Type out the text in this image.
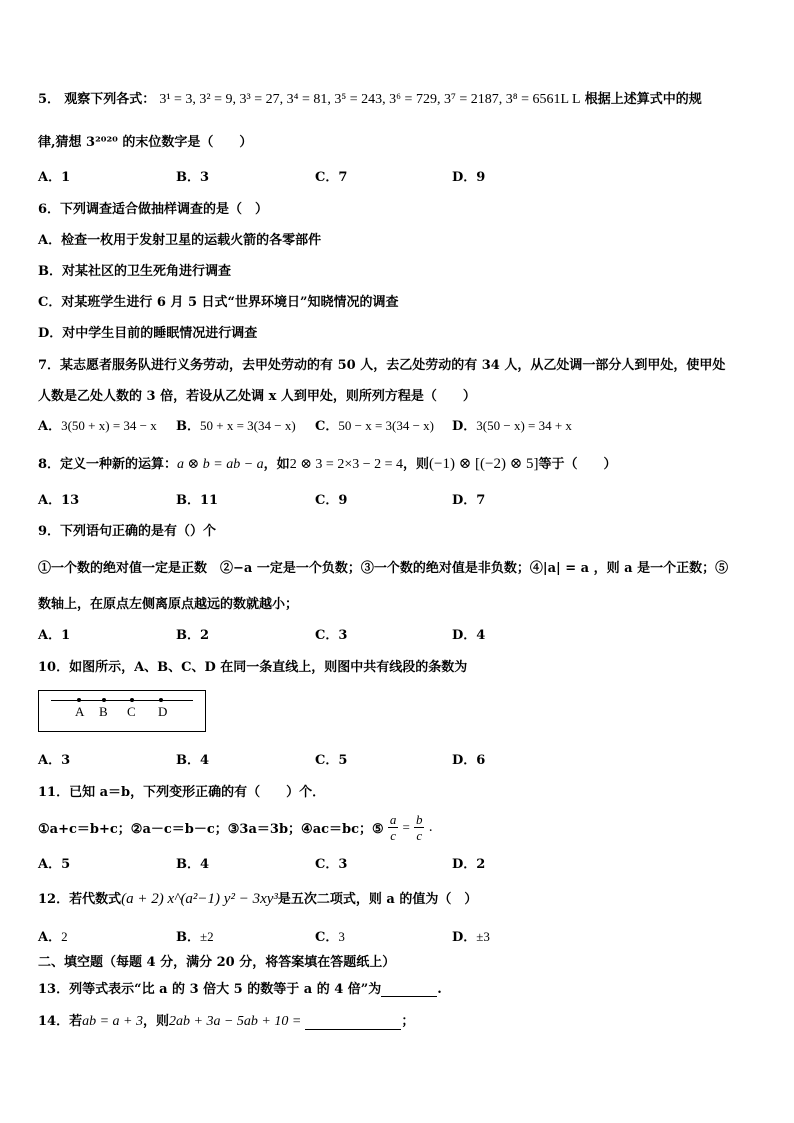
5． 观察下列各式： 3¹ = 3, 3² = 9, 3³ = 27, 3⁴ = 81, 3⁵ = 243, 3⁶ = 729, 3⁷ = 2187, 3⁸ = 6561L L 根据上述算式中的规
律,猜想 3²⁰²⁰ 的末位数字是（　　）
A．1	B．3	C．7	D．9
6．下列调查适合做抽样调查的是（　）
A．检查一枚用于发射卫星的运载火箭的各零部件
B．对某社区的卫生死角进行调查
C．对某班学生进行 6 月 5 日式“世界环境日”知晓情况的调查
D．对中学生目前的睡眠情况进行调查
7．某志愿者服务队进行义务劳动，去甲处劳动的有 50 人，去乙处劳动的有 34 人，从乙处调一部分人到甲处，使甲处
人数是乙处人数的 3 倍，若设从乙处调 x 人到甲处，则所列方程是（　　）
A．3(50 + x) = 34 − x B．50 + x = 3(34 − x) C．50 − x = 3(34 − x) D．3(50 − x) = 34 + x
8．定义一种新的运算：a ⊗ b = ab − a，如2 ⊗ 3 = 2×3 − 2 = 4，则(−1) ⊗ [(−2) ⊗ 5]等于（　　）
A．13	B．11	C．9	D．7
9．下列语句正确的是有（）个
①一个数的绝对值一定是正数　②−a 一定是一个负数；③一个数的绝对值是非负数；④|a| = a ，则 a 是一个正数；⑤
数轴上，在原点左侧离原点越远的数就越小；
A．1	B．2	C．3	D．4
10．如图所示，A、B、C、D 在同一条直线上，则图中共有线段的条数为
A B C D
A．3	B．4	C．5	D．6
11．已知 a＝b，下列变形正确的有（　　）个．
①a+c＝b+c；②a－c＝b－c；③3a＝3b；④ac＝bc；⑤ $\frac{a}{c} = \frac{b}{c}$ .
A．5	B．4	C．3	D．2
12．若代数式(a + 2) x^(a²−1) y² − 3xy³是五次二项式，则 a 的值为（　）
A．2	B．±2	C．3	D．±3
二、填空题（每题 4 分，满分 20 分，将答案填在答题纸上）
13．列等式表示“比 a 的 3 倍大 5 的数等于 a 的 4 倍”为	.
14．若ab = a + 3，则2ab + 3a − 5ab + 10 =	；
